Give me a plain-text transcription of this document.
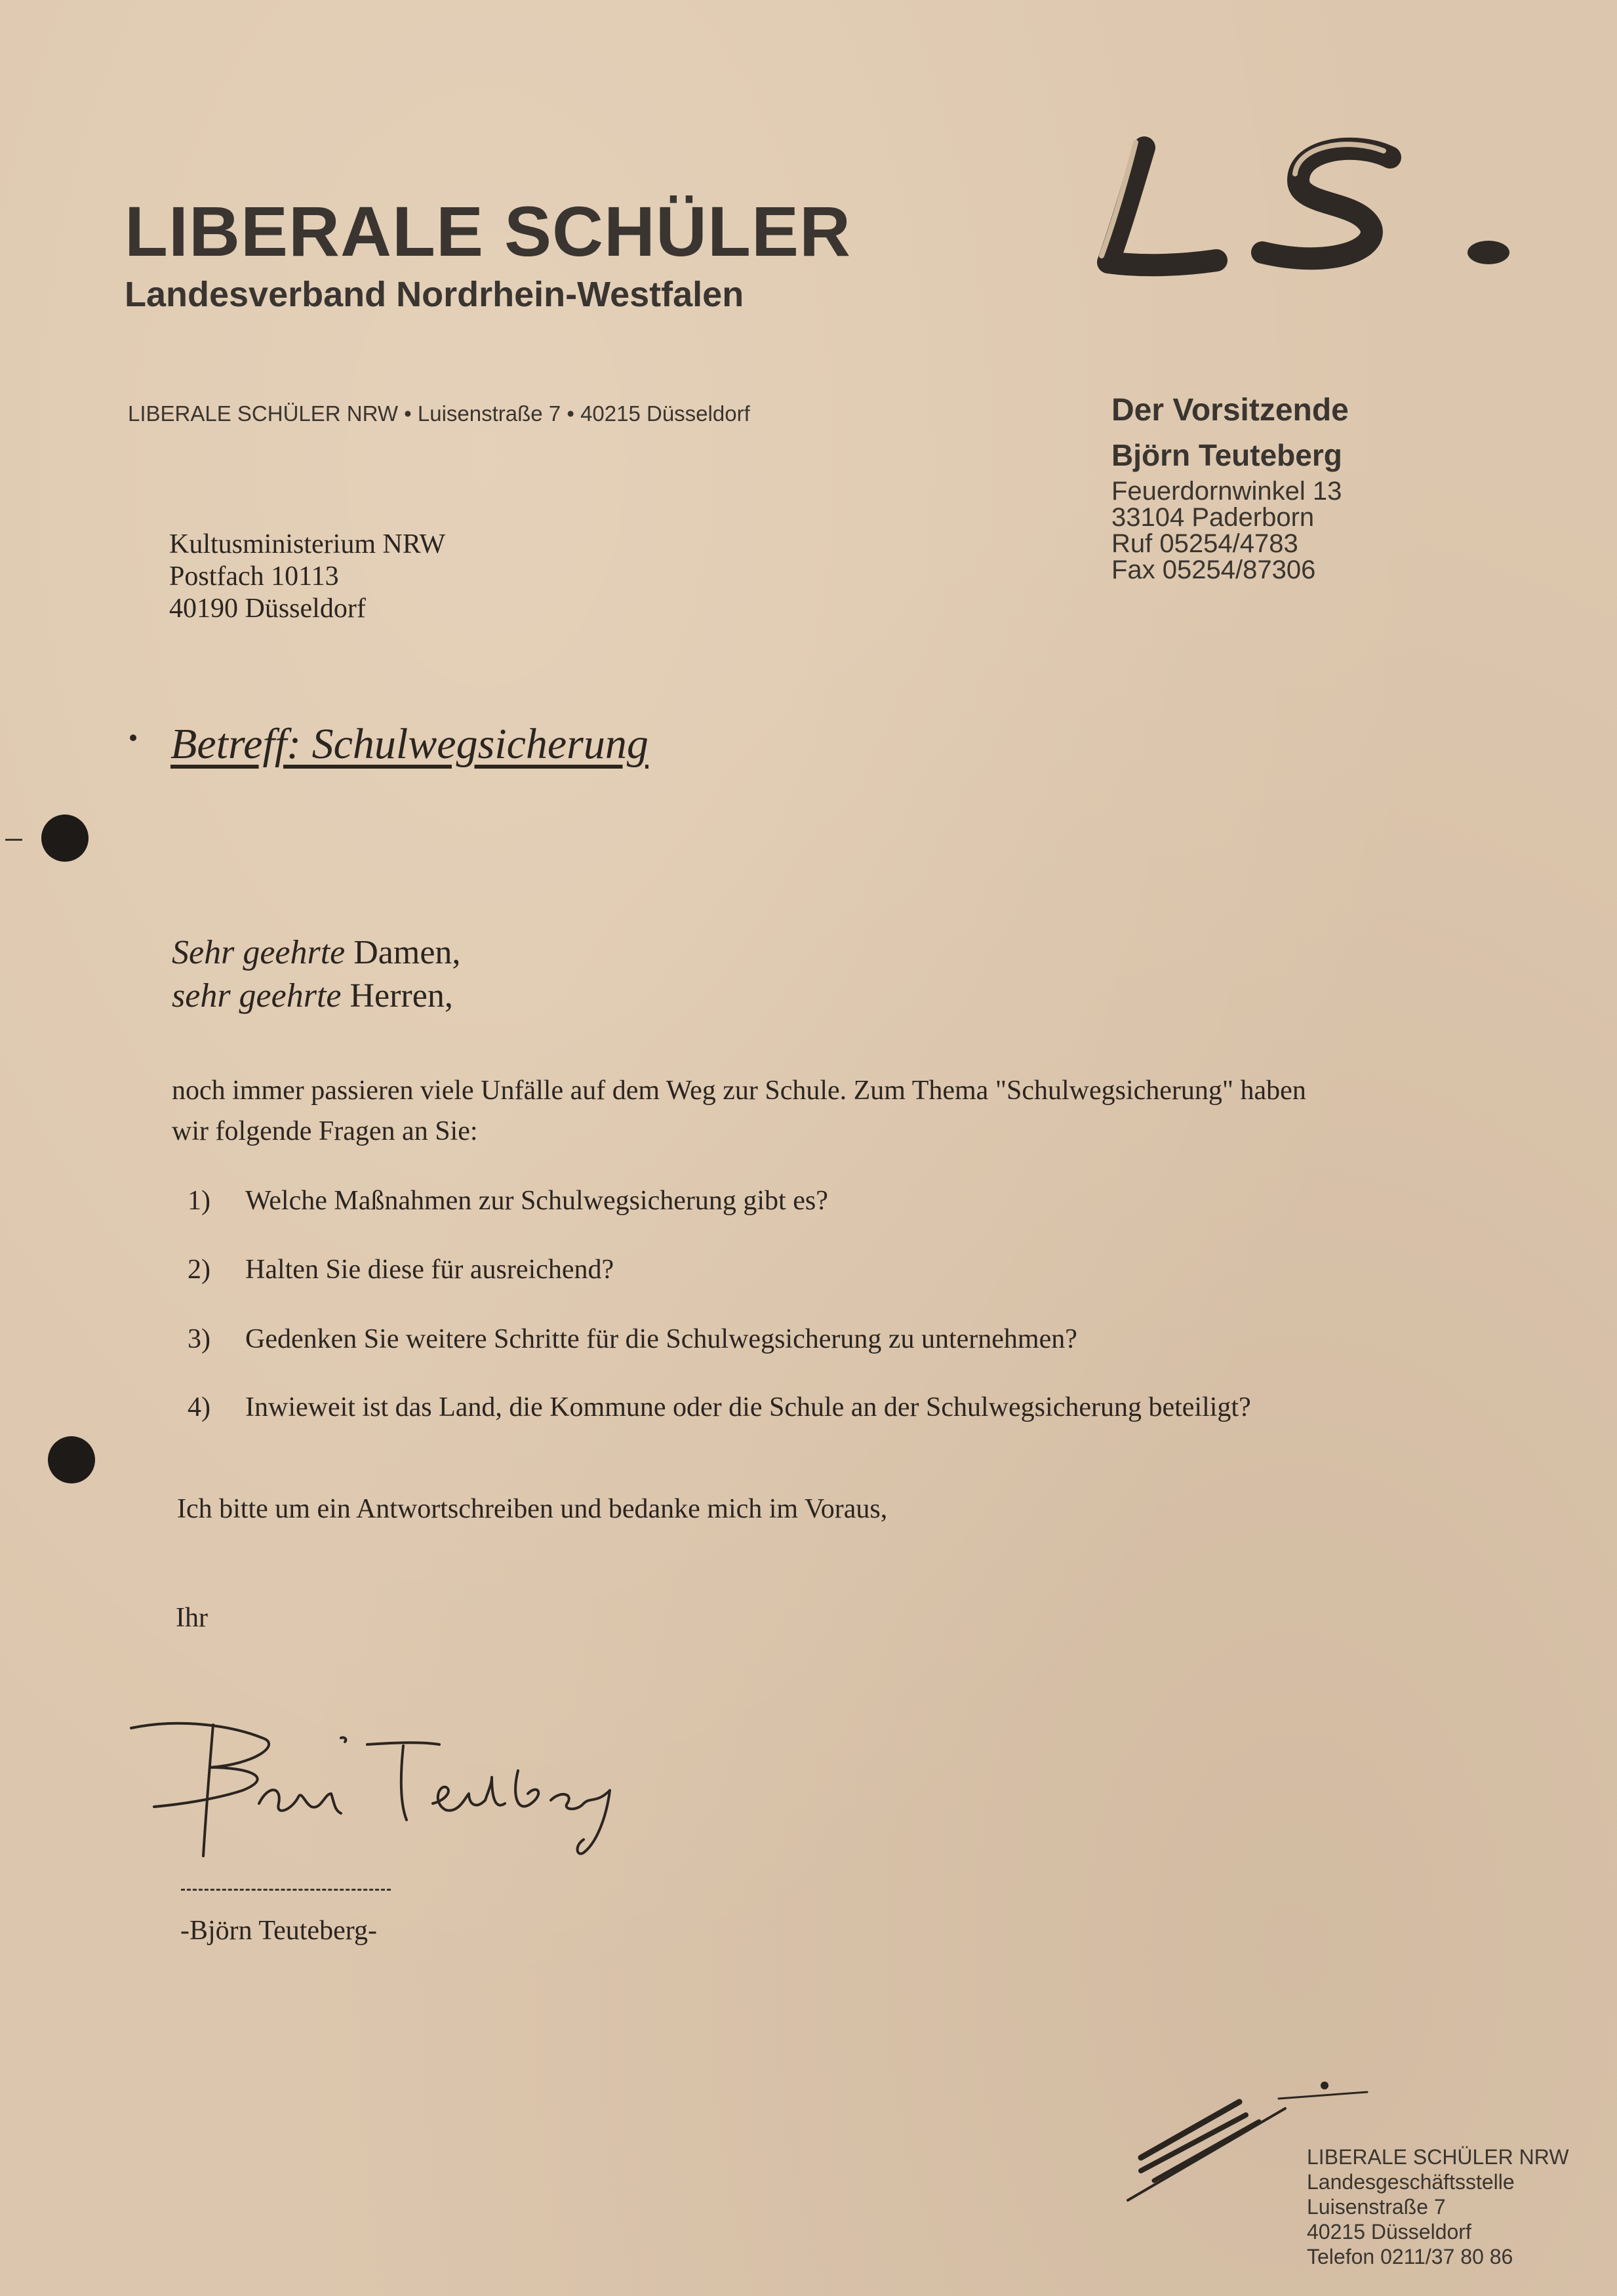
LIBERALE SCHÜLER
Landesverband Nordrhein-Westfalen
LIBERALE SCHÜLER NRW • Luisenstraße 7 • 40215 Düsseldorf	Der Vorsitzende
Björn Teuteberg
Feuerdornwinkel 13
33104 Paderborn
Ruf 05254/4783
Fax 05254/87306
Kultusministerium NRW
Postfach 10113
40190 Düsseldorf
Betreff: Schulwegsicherung
Sehr geehrte Damen,
sehr geehrte Herren,
noch immer passieren viele Unfälle auf dem Weg zur Schule. Zum Thema "Schulwegsicherung" haben
wir folgende Fragen an Sie:
1) Welche Maßnahmen zur Schulwegsicherung gibt es?
2) Halten Sie diese für ausreichend?
3) Gedenken Sie weitere Schritte für die Schulwegsicherung zu unternehmen?
4) Inwieweit ist das Land, die Kommune oder die Schule an der Schulwegsicherung beteiligt?
Ich bitte um ein Antwortschreiben und bedanke mich im Voraus,
Ihr
-Björn Teuteberg-
LIBERALE SCHÜLER NRW
Landesgeschäftsstelle
Luisenstraße 7
40215 Düsseldorf
Telefon 0211/37 80 86
